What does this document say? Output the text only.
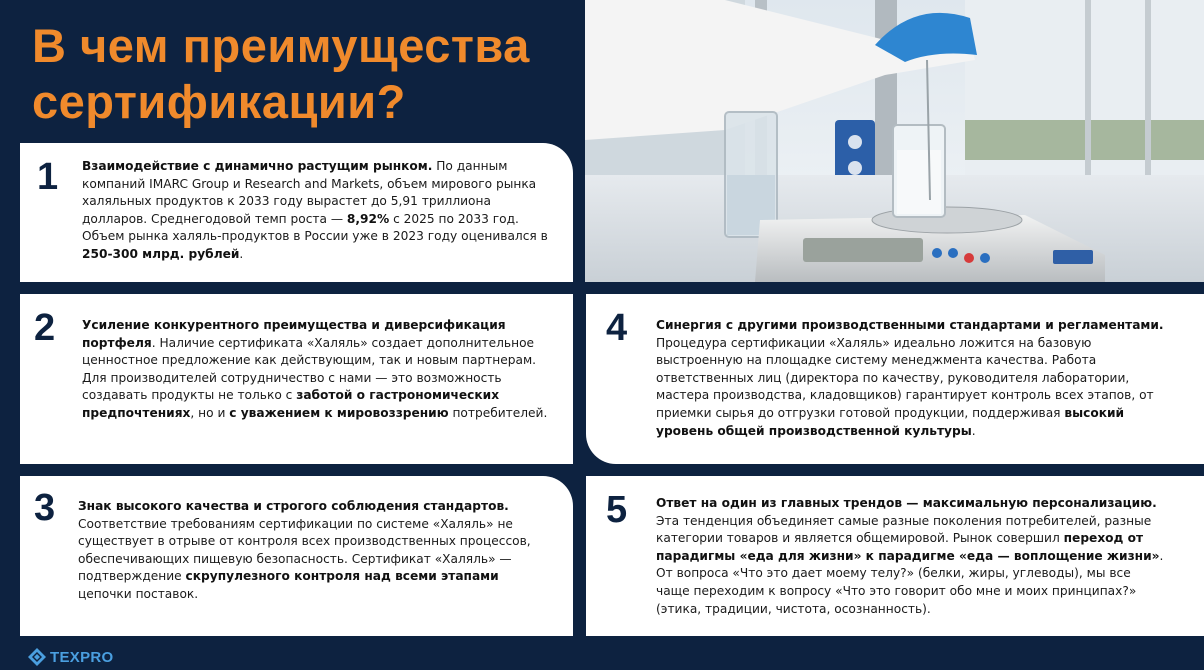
В чем преимущества
сертификации?
1 Взаимодействие с динамично растущим рынком. По данным компаний IMARC Group и Research and Markets, объем мирового рынка халяльных продуктов к 2033 году вырастет до 5,91 триллиона долларов. Среднегодовой темп роста — 8,92% с 2025 по 2033 год. Объем рынка халяль-продуктов в России уже в 2023 году оценивался в 250-300 млрд. рублей.
2 Усиление конкурентного преимущества и диверсификация портфеля. Наличие сертификата «Халяль» создает дополнительное ценностное предложение как действующим, так и новым партнерам. Для производителей сотрудничество с нами — это возможность создавать продукты не только с заботой о гастрономических предпочтениях, но и с уважением к мировоззрению потребителей.
3 Знак высокого качества и строгого соблюдения стандартов. Соответствие требованиям сертификации по системе «Халяль» не существует в отрыве от контроля всех производственных процессов, обеспечивающих пищевую безопасность. Сертификат «Халяль» — подтверждение скрупулезного контроля над всеми этапами цепочки поставок.
4 Синергия с другими производственными стандартами и регламентами. Процедура сертификации «Халяль» идеально ложится на базовую выстроенную на площадке систему менеджмента качества. Работа ответственных лиц (директора по качеству, руководителя лаборатории, мастера производства, кладовщиков) гарантирует контроль всех этапов, от приемки сырья до отгрузки готовой продукции, поддерживая высокий уровень общей производственной культуры.
5 Ответ на один из главных трендов — максимальную персонализацию. Эта тенденция объединяет самые разные поколения потребителей, разные категории товаров и является общемировой. Рынок совершил переход от парадигмы «еда для жизни» к парадигме «еда — воплощение жизни». От вопроса «Что это дает моему телу?» (белки, жиры, углеводы), мы все чаще переходим к вопросу «Что это говорит обо мне и моих принципах?» (этика, традиции, чистота, осознанность).
TEXPRO
